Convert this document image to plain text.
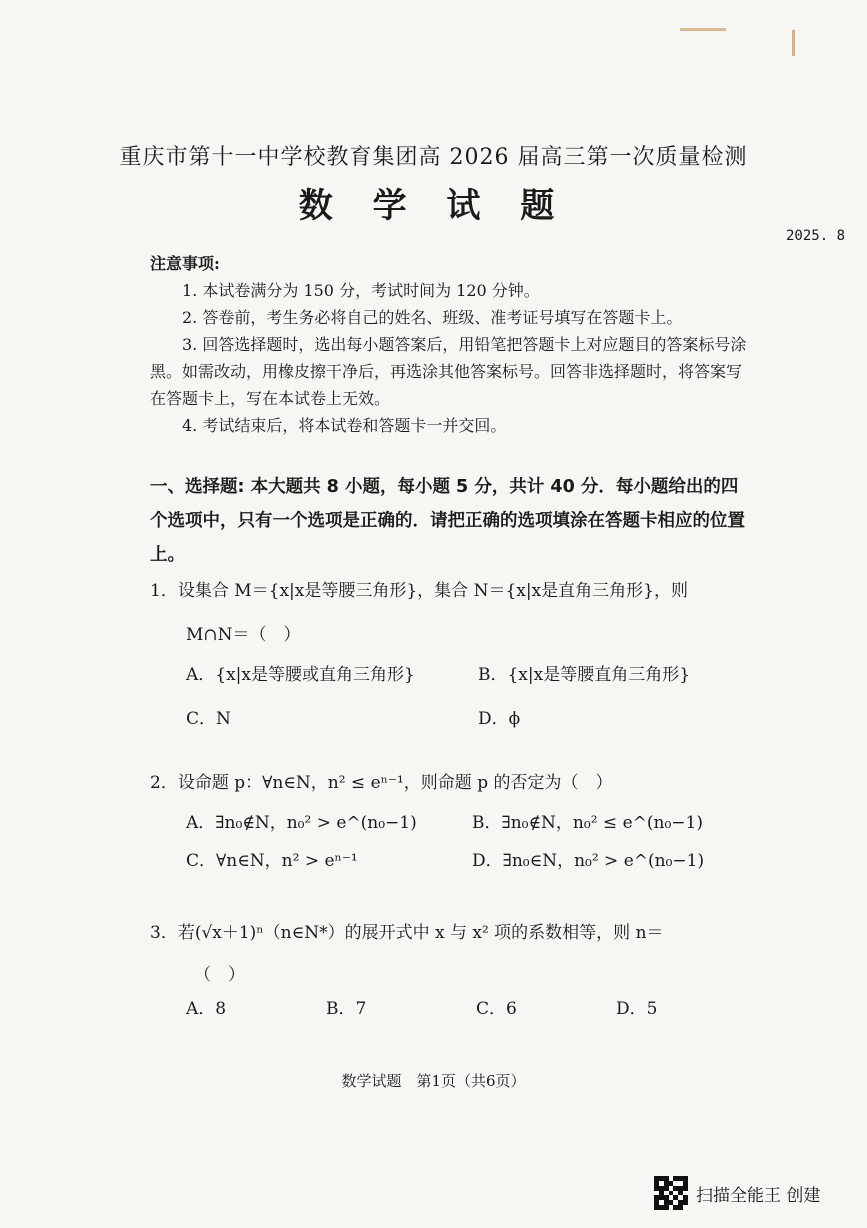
重庆市第十一中学校教育集团高 2026 届高三第一次质量检测
数 学 试 题
2025. 8
注意事项:

1. 本试卷满分为 150 分，考试时间为 120 分钟。

2. 答卷前，考生务必将自己的姓名、班级、准考证号填写在答题卡上。

3. 回答选择题时，选出每小题答案后，用铅笔把答题卡上对应题目的答案标号涂黑。如需改动，用橡皮擦干净后，再选涂其他答案标号。回答非选择题时，将答案写在答题卡上，写在本试卷上无效。

4. 考试结束后，将本试卷和答题卡一并交回。

一、选择题: 本大题共 8 小题，每小题 5 分，共计 40 分．每小题给出的四个选项中，只有一个选项是正确的．请把正确的选项填涂在答题卡相应的位置上。
1．设集合 M＝{x|x是等腰三角形}，集合 N＝{x|x是直角三角形}，则
M∩N＝（　）
A．{x|x是等腰或直角三角形}	B．{x|x是等腰直角三角形}
C．N	D．ϕ
2．设命题 p：∀n∈N，n² ≤ eⁿ⁻¹，则命题 p 的否定为（　）
A．∃n₀∉N，n₀² > e^(n₀−1)	B．∃n₀∉N，n₀² ≤ e^(n₀−1)
C．∀n∈N，n² > eⁿ⁻¹	D．∃n₀∈N，n₀² > e^(n₀−1)
3．若(√x＋1)ⁿ（n∈N*）的展开式中 x 与 x² 项的系数相等，则 n＝
（　）
A．8	B．7	C．6	D．5
数学试题　第1页（共6页）
扫描全能王 创建
